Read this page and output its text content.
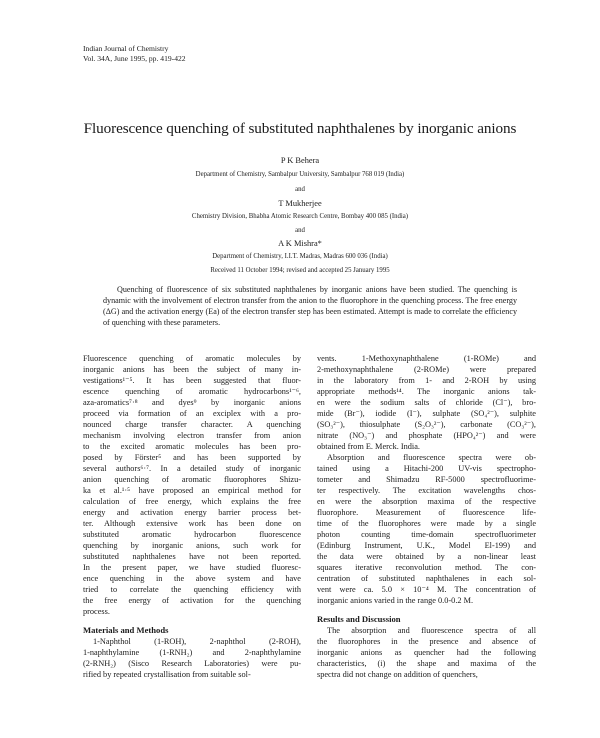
Indian Journal of Chemistry
Vol. 34A, June 1995, pp. 419-422
Fluorescence quenching of substituted naphthalenes by inorganic anions
P K Behera
Department of Chemistry, Sambalpur University, Sambalpur 768 019 (India)
and
T Mukherjee
Chemistry Division, Bhabha Atomic Research Centre, Bombay 400 085 (India)
and
A K Mishra*
Department of Chemistry, I.I.T. Madras, Madras 600 036 (India)
Received 11 October 1994; revised and accepted 25 January 1995

Quenching of fluorescence of six substituted naphthalenes by inorganic anions have been studied. The quenching is dynamic with the involvement of electron transfer from the anion to the fluorophore in the quenching process. The free energy (ΔG) and the activation energy (Ea) of the electron transfer step has been estimated. Attempt is made to correlate the efficiency of quenching with these parameters.

Fluorescence quenching of aromatic molecules by
inorganic anions has been the subject of many in-
vestigations¹⁻⁵. It has been suggested that fluor-
escence quenching of aromatic hydrocarbons¹⁻⁶,
aza-aromatics⁷·⁸ and dyes⁹ by inorganic anions
proceed via formation of an exciplex with a pro-
nounced charge transfer character. A quenching
mechanism involving electron transfer from anion
to the excited aromatic molecules has been pro-
posed by Förster⁵ and has been supported by
several authors⁶·⁷. In a detailed study of inorganic
anion quenching of aromatic fluorophores Shizu-
ka et al.¹·⁵ have proposed an empirical method for
calculation of free energy, which explains the free
energy and activation energy barrier process bet-
ter. Although extensive work has been done on
substituted aromatic hydrocarbon fluorescence
quenching by inorganic anions, such work for
substituted naphthalenes have not been reported.
In the present paper, we have studied fluoresc-
ence quenching in the above system and have
tried to correlate the quenching efficiency with
the free energy of activation for the quenching
process.
Materials and Methods
1-Naphthol (1-ROH), 2-naphthol (2-ROH),
1-naphthylamine (1-RNH₂) and 2-naphthylamine
(2-RNH₂) (Sisco Research Laboratories) were pu-
rified by repeated crystallisation from suitable sol-
vents. 1-Methoxynaphthalene (1-ROMe) and
2-methoxynaphthalene (2-ROMe) were prepared
in the laboratory from 1- and 2-ROH by using
appropriate methods¹⁴. The inorganic anions tak-
en were the sodium salts of chloride (Cl⁻), bro-
mide (Br⁻), iodide (I⁻), sulphate (SO₄²⁻), sulphite
(SO₃²⁻), thiosulphate (S₂O₃²⁻), carbonate (CO₃²⁻),
nitrate (NO₃⁻) and phosphate (HPO₄²⁻) and were
obtained from E. Merck. India.
Absorption and fluorescence spectra were ob-
tained using a Hitachi-200 UV-vis spectropho-
tometer and Shimadzu RF-5000 spectrofluorime-
ter respectively. The excitation wavelengths chos-
en were the absorption maxima of the respective
fluorophore. Measurement of fluorescence life-
time of the fluorophores were made by a single
photon counting time-domain spectrofluorimeter
(Edinburg Instrument, U.K., Model El-199) and
the data were obtained by a non-linear least
squares iterative reconvolution method. The con-
centration of substituted naphthalenes in each sol-
vent were ca. 5.0 × 10⁻⁴ M. The concentration of
inorganic anions varied in the range 0.0-0.2 M.
Results and Discussion
The absorption and fluorescence spectra of all
the fluorophores in the presence and absence of
inorganic anions as quencher had the following
characteristics, (i) the shape and maxima of the
spectra did not change on addition of quenchers,
